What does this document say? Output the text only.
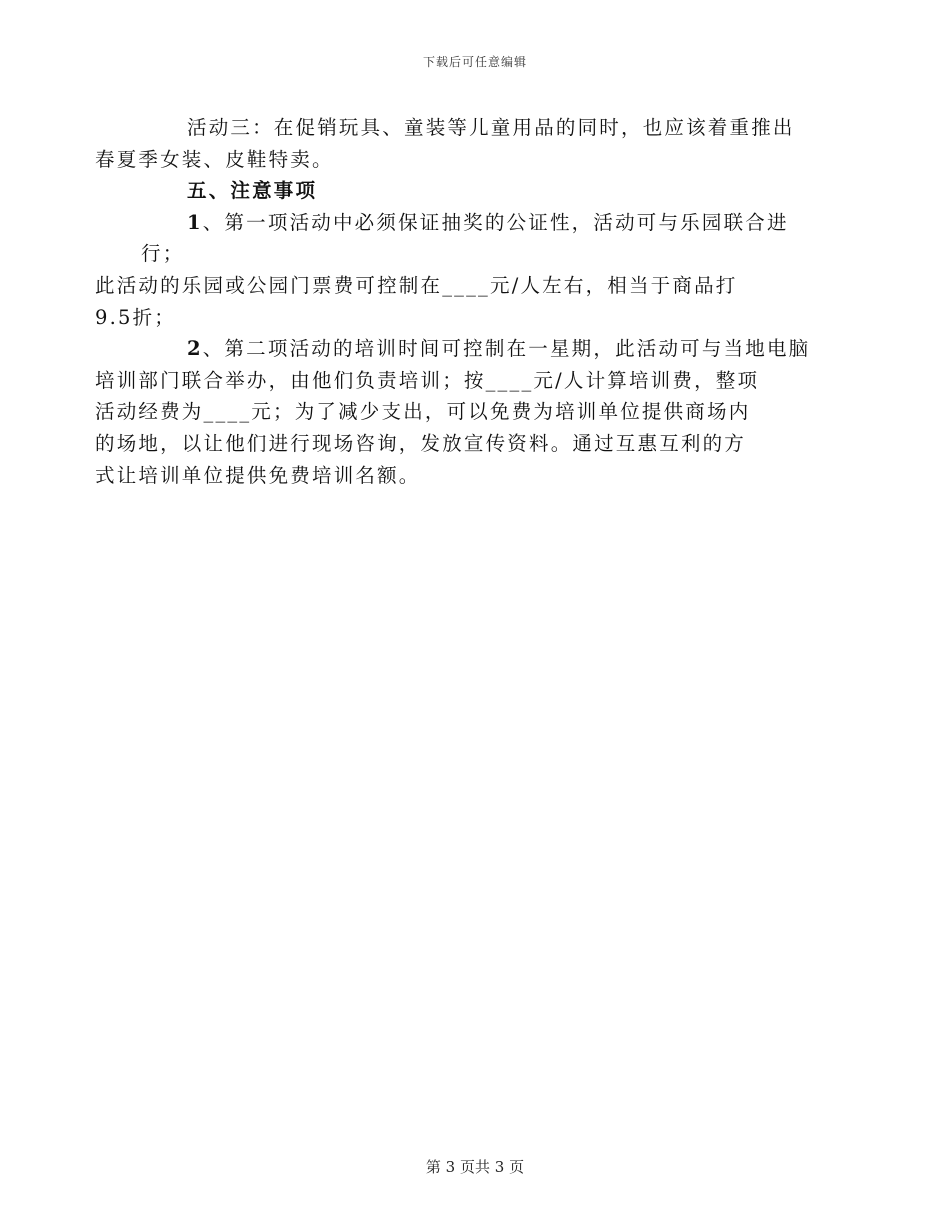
下载后可任意编辑

活动三：在促销玩具、童装等儿童用品的同时，也应该着重推出
春夏季女装、皮鞋特卖。

五、注意事项

1、第一项活动中必须保证抽奖的公证性，活动可与乐园联合进行；
此活动的乐园或公园门票费可控制在____元/人左右，相当于商品打
9.5折；

2、第二项活动的培训时间可控制在一星期，此活动可与当地电脑
培训部门联合举办，由他们负责培训；按____元/人计算培训费，整项
活动经费为____元；为了减少支出，可以免费为培训单位提供商场内
的场地，以让他们进行现场咨询，发放宣传资料。通过互惠互利的方
式让培训单位提供免费培训名额。

第 3 页共 3 页
